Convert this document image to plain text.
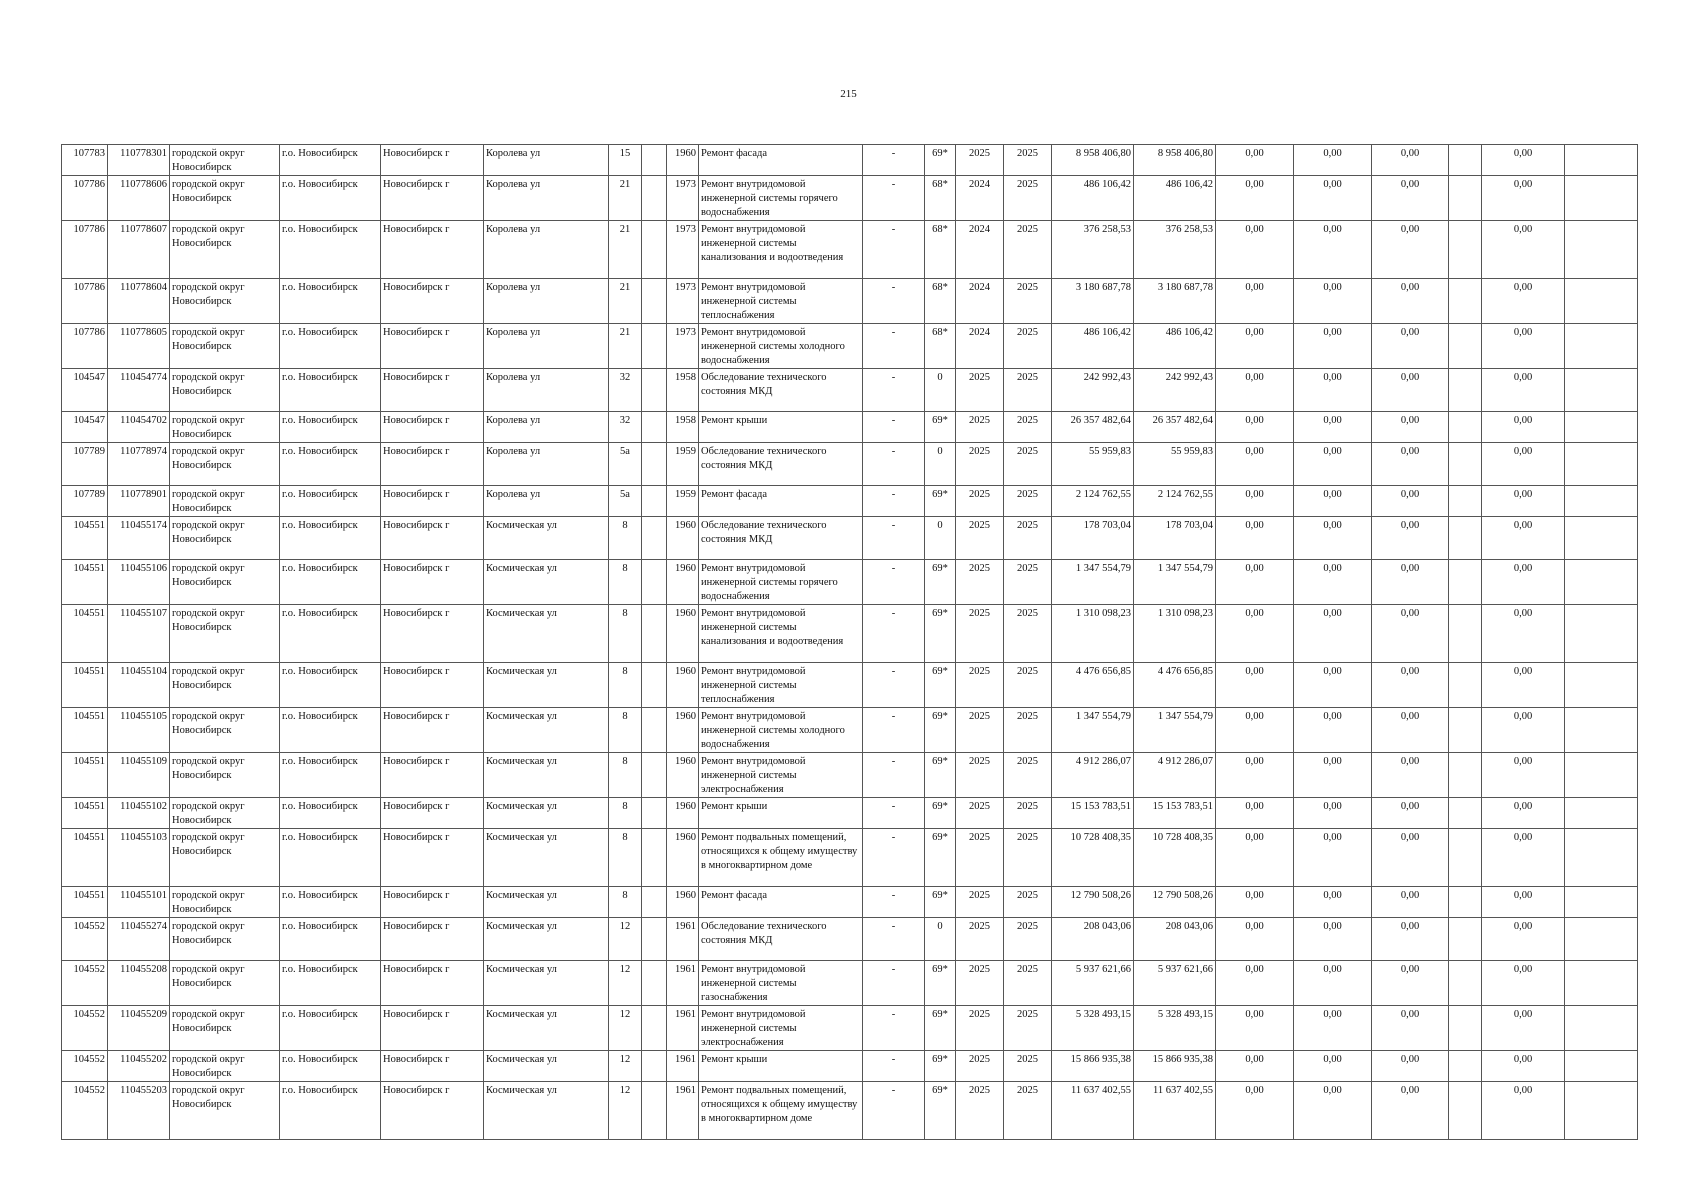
215
107783	110778301	городской округ Новосибирск	г.о. Новосибирск	Новосибирск г	Королева ул	15		1960	Ремонт фасада	-	69*	2025	2025	8 958 406,80	8 958 406,80	0,00	0,00	0,00		0,00	
107786	110778606	городской округ Новосибирск	г.о. Новосибирск	Новосибирск г	Королева ул	21		1973	Ремонт внутридомовой инженерной системы горячего водоснабжения	-	68*	2024	2025	486 106,42	486 106,42	0,00	0,00	0,00		0,00	
107786	110778607	городской округ Новосибирск	г.о. Новосибирск	Новосибирск г	Королева ул	21		1973	Ремонт внутридомовой инженерной системы канализования и водоотведения	-	68*	2024	2025	376 258,53	376 258,53	0,00	0,00	0,00		0,00	
107786	110778604	городской округ Новосибирск	г.о. Новосибирск	Новосибирск г	Королева ул	21		1973	Ремонт внутридомовой инженерной системы теплоснабжения	-	68*	2024	2025	3 180 687,78	3 180 687,78	0,00	0,00	0,00		0,00	
107786	110778605	городской округ Новосибирск	г.о. Новосибирск	Новосибирск г	Королева ул	21		1973	Ремонт внутридомовой инженерной системы холодного водоснабжения	-	68*	2024	2025	486 106,42	486 106,42	0,00	0,00	0,00		0,00	
104547	110454774	городской округ Новосибирск	г.о. Новосибирск	Новосибирск г	Королева ул	32		1958	Обследование технического состояния МКД	-	0	2025	2025	242 992,43	242 992,43	0,00	0,00	0,00		0,00	
104547	110454702	городской округ Новосибирск	г.о. Новосибирск	Новосибирск г	Королева ул	32		1958	Ремонт крыши	-	69*	2025	2025	26 357 482,64	26 357 482,64	0,00	0,00	0,00		0,00	
107789	110778974	городской округ Новосибирск	г.о. Новосибирск	Новосибирск г	Королева ул	5а		1959	Обследование технического состояния МКД	-	0	2025	2025	55 959,83	55 959,83	0,00	0,00	0,00		0,00	
107789	110778901	городской округ Новосибирск	г.о. Новосибирск	Новосибирск г	Королева ул	5а		1959	Ремонт фасада	-	69*	2025	2025	2 124 762,55	2 124 762,55	0,00	0,00	0,00		0,00	
104551	110455174	городской округ Новосибирск	г.о. Новосибирск	Новосибирск г	Космическая ул	8		1960	Обследование технического состояния МКД	-	0	2025	2025	178 703,04	178 703,04	0,00	0,00	0,00		0,00	
104551	110455106	городской округ Новосибирск	г.о. Новосибирск	Новосибирск г	Космическая ул	8		1960	Ремонт внутридомовой инженерной системы горячего водоснабжения	-	69*	2025	2025	1 347 554,79	1 347 554,79	0,00	0,00	0,00		0,00	
104551	110455107	городской округ Новосибирск	г.о. Новосибирск	Новосибирск г	Космическая ул	8		1960	Ремонт внутридомовой инженерной системы канализования и водоотведения	-	69*	2025	2025	1 310 098,23	1 310 098,23	0,00	0,00	0,00		0,00	
104551	110455104	городской округ Новосибирск	г.о. Новосибирск	Новосибирск г	Космическая ул	8		1960	Ремонт внутридомовой инженерной системы теплоснабжения	-	69*	2025	2025	4 476 656,85	4 476 656,85	0,00	0,00	0,00		0,00	
104551	110455105	городской округ Новосибирск	г.о. Новосибирск	Новосибирск г	Космическая ул	8		1960	Ремонт внутридомовой инженерной системы холодного водоснабжения	-	69*	2025	2025	1 347 554,79	1 347 554,79	0,00	0,00	0,00		0,00	
104551	110455109	городской округ Новосибирск	г.о. Новосибирск	Новосибирск г	Космическая ул	8		1960	Ремонт внутридомовой инженерной системы электроснабжения	-	69*	2025	2025	4 912 286,07	4 912 286,07	0,00	0,00	0,00		0,00	
104551	110455102	городской округ Новосибирск	г.о. Новосибирск	Новосибирск г	Космическая ул	8		1960	Ремонт крыши	-	69*	2025	2025	15 153 783,51	15 153 783,51	0,00	0,00	0,00		0,00	
104551	110455103	городской округ Новосибирск	г.о. Новосибирск	Новосибирск г	Космическая ул	8		1960	Ремонт подвальных помещений, относящихся к общему имуществу в многоквартирном доме	-	69*	2025	2025	10 728 408,35	10 728 408,35	0,00	0,00	0,00		0,00	
104551	110455101	городской округ Новосибирск	г.о. Новосибирск	Новосибирск г	Космическая ул	8		1960	Ремонт фасада	-	69*	2025	2025	12 790 508,26	12 790 508,26	0,00	0,00	0,00		0,00	
104552	110455274	городской округ Новосибирск	г.о. Новосибирск	Новосибирск г	Космическая ул	12		1961	Обследование технического состояния МКД	-	0	2025	2025	208 043,06	208 043,06	0,00	0,00	0,00		0,00	
104552	110455208	городской округ Новосибирск	г.о. Новосибирск	Новосибирск г	Космическая ул	12		1961	Ремонт внутридомовой инженерной системы газоснабжения	-	69*	2025	2025	5 937 621,66	5 937 621,66	0,00	0,00	0,00		0,00	
104552	110455209	городской округ Новосибирск	г.о. Новосибирск	Новосибирск г	Космическая ул	12		1961	Ремонт внутридомовой инженерной системы электроснабжения	-	69*	2025	2025	5 328 493,15	5 328 493,15	0,00	0,00	0,00		0,00	
104552	110455202	городской округ Новосибирск	г.о. Новосибирск	Новосибирск г	Космическая ул	12		1961	Ремонт крыши	-	69*	2025	2025	15 866 935,38	15 866 935,38	0,00	0,00	0,00		0,00	
104552	110455203	городской округ Новосибирск	г.о. Новосибирск	Новосибирск г	Космическая ул	12		1961	Ремонт подвальных помещений, относящихся к общему имуществу в многоквартирном доме	-	69*	2025	2025	11 637 402,55	11 637 402,55	0,00	0,00	0,00		0,00	
